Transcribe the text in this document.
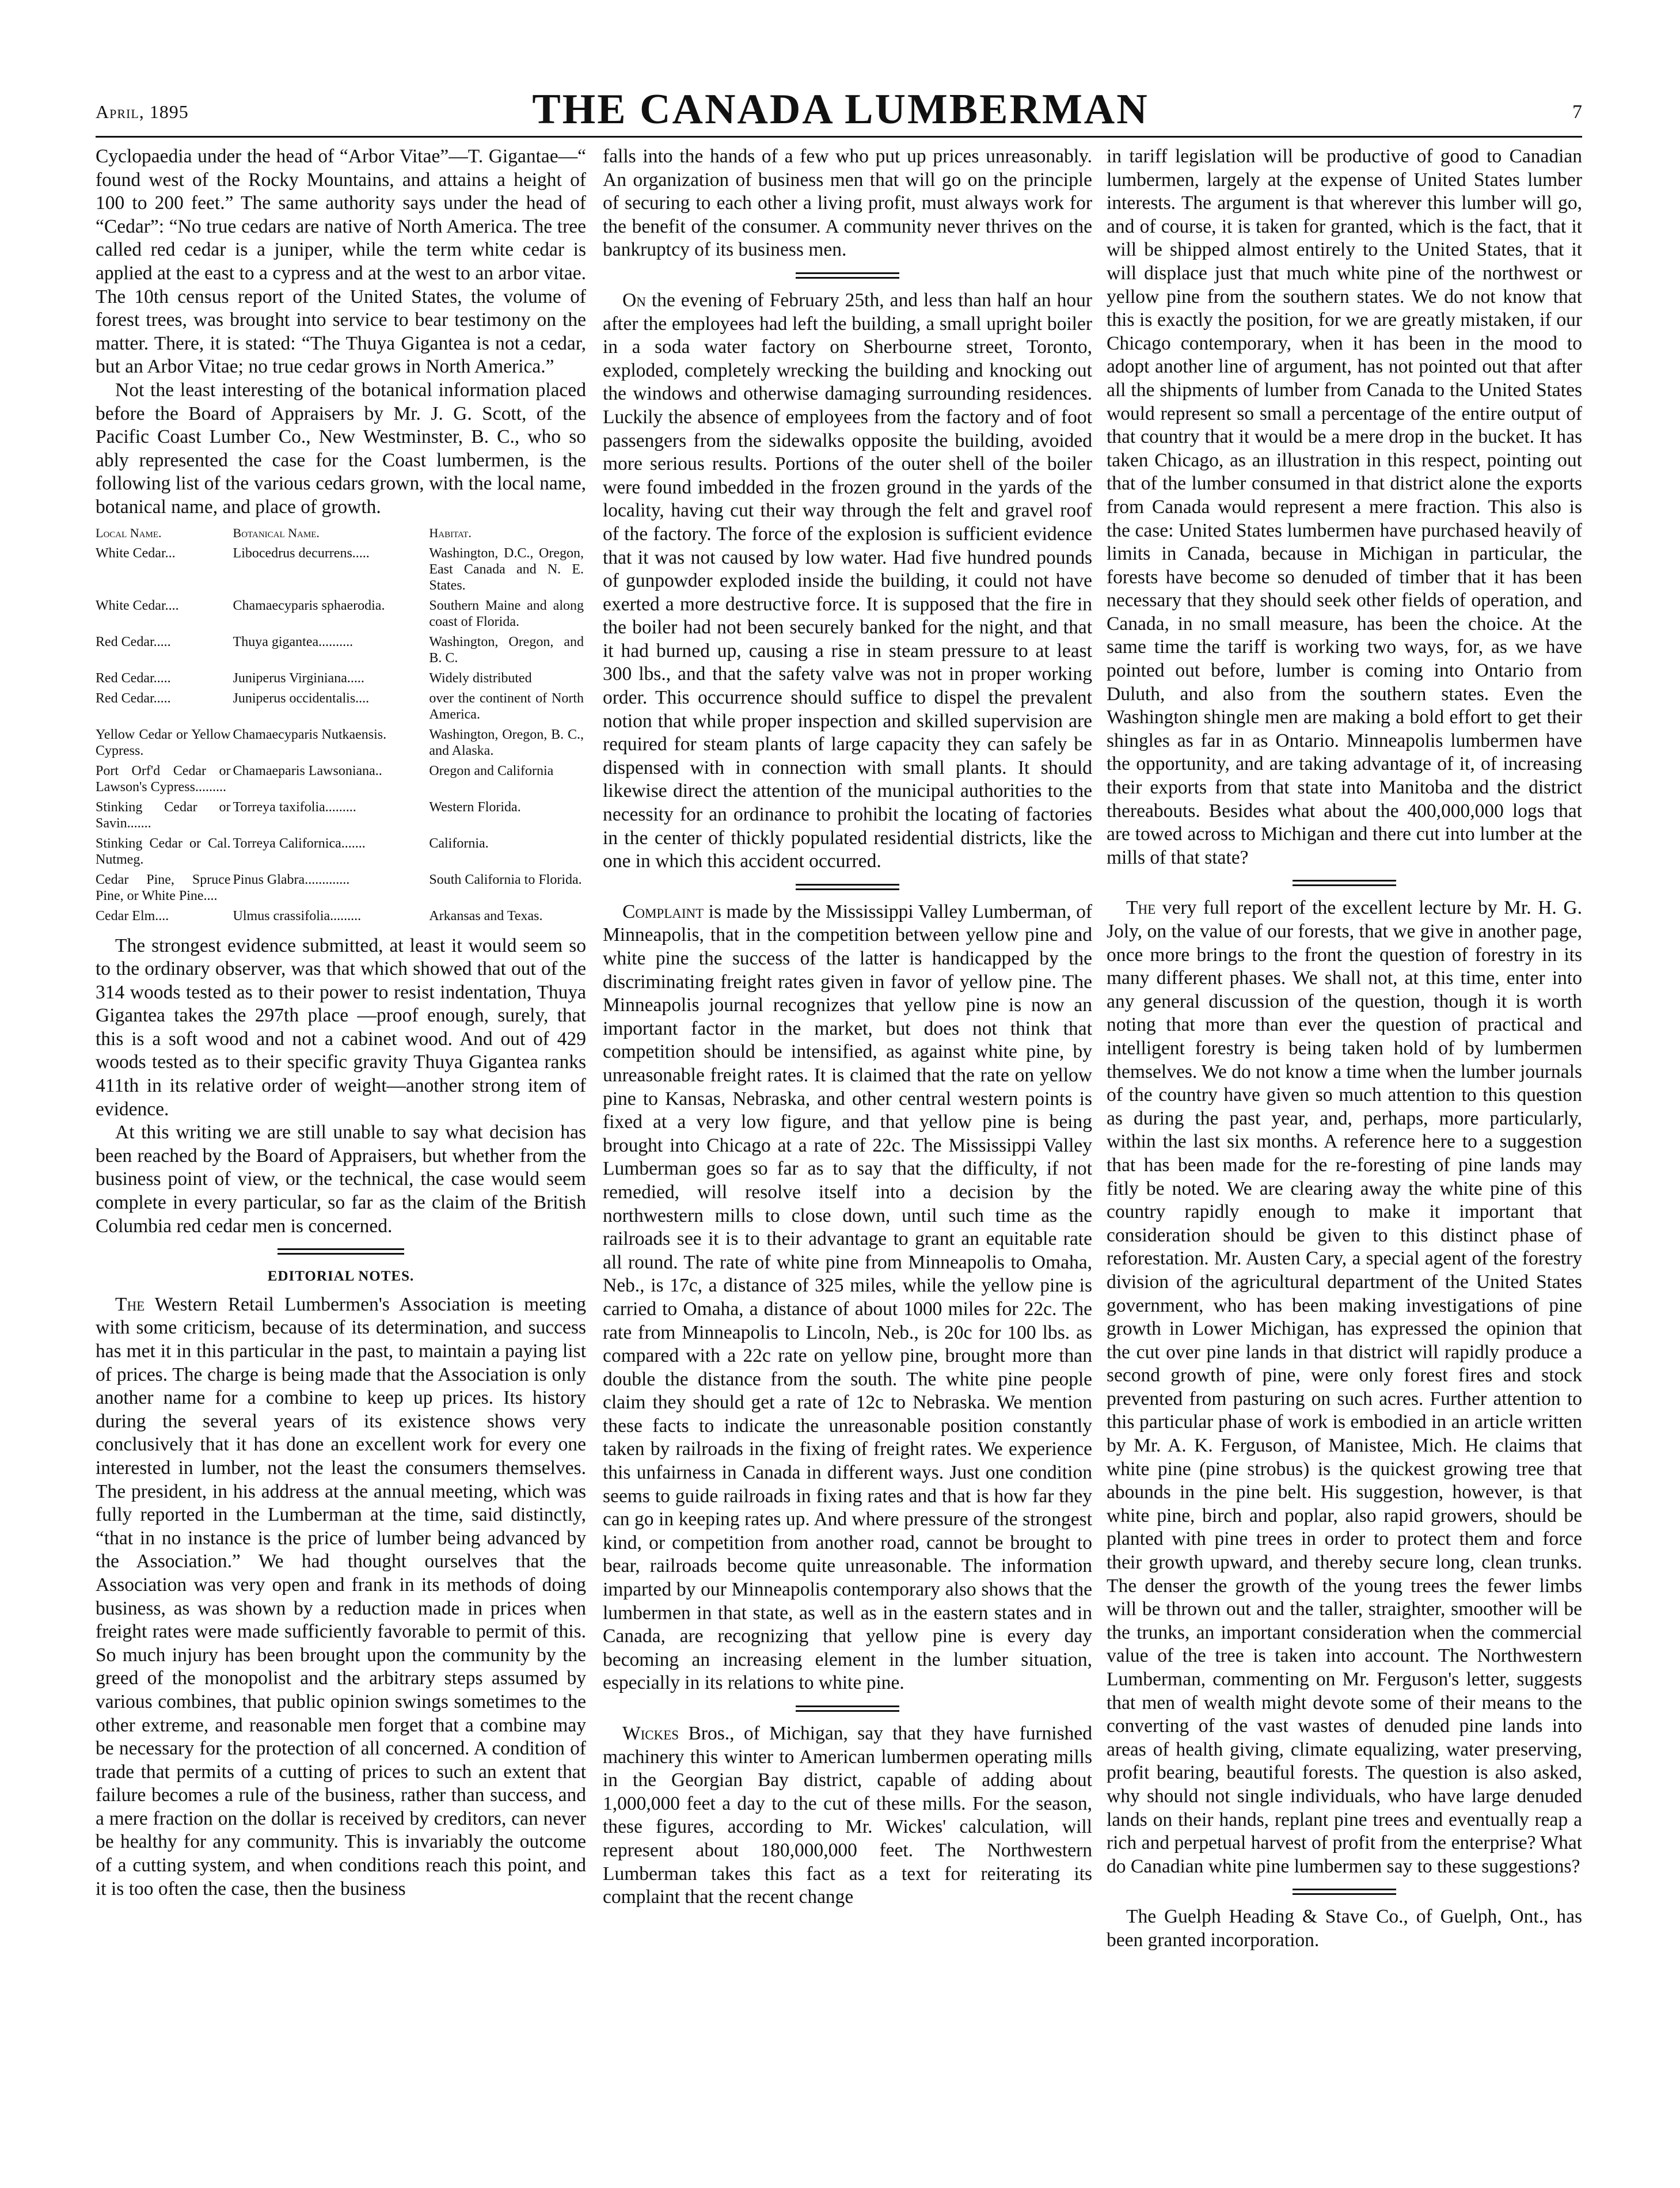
April, 1895	THE CANADA LUMBERMAN	7

Cyclopaedia under the head of “Arbor Vitae”—T. Gigantae—“ found west of the Rocky Mountains, and attains a height of 100 to 200 feet.” The same authority says under the head of “Cedar”: “No true cedars are native of North America. The tree called red cedar is a juniper, while the term white cedar is applied at the east to a cypress and at the west to an arbor vitae. The 10th census report of the United States, the volume of forest trees, was brought into service to bear testimony on the matter. There, it is stated: “The Thuya Gigantea is not a cedar, but an Arbor Vitae; no true cedar grows in North America.”

Not the least interesting of the botanical information placed before the Board of Appraisers by Mr. J. G. Scott, of the Pacific Coast Lumber Co., New Westminster, B. C., who so ably represented the case for the Coast lumbermen, is the following list of the various cedars grown, with the local name, botanical name, and place of growth.

Local Name.	Botanical Name.	Habitat.
White Cedar...	Libocedrus decurrens.....	Washington, D.C., Oregon, East Canada and N. E. States.
White Cedar....	Chamaecyparis sphaerodia.	Southern Maine and along coast of Florida.
Red Cedar.....	Thuya gigantea..........	Washington, Oregon, and B. C.
Red Cedar.....	Juniperus Virginiana.....	Widely distributed
Red Cedar.....	Juniperus occidentalis....	over the continent of North America.
Yellow Cedar or Yellow Cypress.	Chamaecyparis Nutkaensis.	Washington, Oregon, B. C., and Alaska.
Port Orf'd Cedar or Lawson's Cypress.........	Chamaeparis Lawsoniana..	Oregon and California
Stinking Cedar or Savin.......	Torreya taxifolia.........	Western Florida.
Stinking Cedar or Cal. Nutmeg.	Torreya Californica.......	California.
Cedar Pine, Spruce Pine, or White Pine....	Pinus Glabra.............	South California to Florida.
Cedar Elm....	Ulmus crassifolia.........	Arkansas and Texas.

The strongest evidence submitted, at least it would seem so to the ordinary observer, was that which showed that out of the 314 woods tested as to their power to resist indentation, Thuya Gigantea takes the 297th place —proof enough, surely, that this is a soft wood and not a cabinet wood. And out of 429 woods tested as to their specific gravity Thuya Gigantea ranks 411th in its relative order of weight—another strong item of evidence.

At this writing we are still unable to say what decision has been reached by the Board of Appraisers, but whether from the business point of view, or the technical, the case would seem complete in every particular, so far as the claim of the British Columbia red cedar men is concerned.

EDITORIAL NOTES.

The Western Retail Lumbermen's Association is meeting with some criticism, because of its determination, and success has met it in this particular in the past, to maintain a paying list of prices. The charge is being made that the Association is only another name for a combine to keep up prices. Its history during the several years of its existence shows very conclusively that it has done an excellent work for every one interested in lumber, not the least the consumers themselves. The president, in his address at the annual meeting, which was fully reported in the Lumberman at the time, said distinctly, “that in no instance is the price of lumber being advanced by the Association.” We had thought ourselves that the Association was very open and frank in its methods of doing business, as was shown by a reduction made in prices when freight rates were made sufficiently favorable to permit of this. So much injury has been brought upon the community by the greed of the monopolist and the arbitrary steps assumed by various combines, that public opinion swings sometimes to the other extreme, and reasonable men forget that a combine may be necessary for the protection of all concerned. A condition of trade that permits of a cutting of prices to such an extent that failure becomes a rule of the business, rather than success, and a mere fraction on the dollar is received by creditors, can never be healthy for any community. This is invariably the outcome of a cutting system, and when conditions reach this point, and it is too often the case, then the business

falls into the hands of a few who put up prices unreasonably. An organization of business men that will go on the principle of securing to each other a living profit, must always work for the benefit of the consumer. A community never thrives on the bankruptcy of its business men.

On the evening of February 25th, and less than half an hour after the employees had left the building, a small upright boiler in a soda water factory on Sherbourne street, Toronto, exploded, completely wrecking the building and knocking out the windows and otherwise damaging surrounding residences. Luckily the absence of employees from the factory and of foot passengers from the sidewalks opposite the building, avoided more serious results. Portions of the outer shell of the boiler were found imbedded in the frozen ground in the yards of the locality, having cut their way through the felt and gravel roof of the factory. The force of the explosion is sufficient evidence that it was not caused by low water. Had five hundred pounds of gunpowder exploded inside the building, it could not have exerted a more destructive force. It is supposed that the fire in the boiler had not been securely banked for the night, and that it had burned up, causing a rise in steam pressure to at least 300 lbs., and that the safety valve was not in proper working order. This occurrence should suffice to dispel the prevalent notion that while proper inspection and skilled supervision are required for steam plants of large capacity they can safely be dispensed with in connection with small plants. It should likewise direct the attention of the municipal authorities to the necessity for an ordinance to prohibit the locating of factories in the center of thickly populated residential districts, like the one in which this accident occurred.

Complaint is made by the Mississippi Valley Lumberman, of Minneapolis, that in the competition between yellow pine and white pine the success of the latter is handicapped by the discriminating freight rates given in favor of yellow pine. The Minneapolis journal recognizes that yellow pine is now an important factor in the market, but does not think that competition should be intensified, as against white pine, by unreasonable freight rates. It is claimed that the rate on yellow pine to Kansas, Nebraska, and other central western points is fixed at a very low figure, and that yellow pine is being brought into Chicago at a rate of 22c. The Mississippi Valley Lumberman goes so far as to say that the difficulty, if not remedied, will resolve itself into a decision by the northwestern mills to close down, until such time as the railroads see it is to their advantage to grant an equitable rate all round. The rate of white pine from Minneapolis to Omaha, Neb., is 17c, a distance of 325 miles, while the yellow pine is carried to Omaha, a distance of about 1000 miles for 22c. The rate from Minneapolis to Lincoln, Neb., is 20c for 100 lbs. as compared with a 22c rate on yellow pine, brought more than double the distance from the south. The white pine people claim they should get a rate of 12c to Nebraska. We mention these facts to indicate the unreasonable position constantly taken by railroads in the fixing of freight rates. We experience this unfairness in Canada in different ways. Just one condition seems to guide railroads in fixing rates and that is how far they can go in keeping rates up. And where pressure of the strongest kind, or competition from another road, cannot be brought to bear, railroads become quite unreasonable. The information imparted by our Minneapolis contemporary also shows that the lumbermen in that state, as well as in the eastern states and in Canada, are recognizing that yellow pine is every day becoming an increasing element in the lumber situation, especially in its relations to white pine.

Wickes Bros., of Michigan, say that they have furnished machinery this winter to American lumbermen operating mills in the Georgian Bay district, capable of adding about 1,000,000 feet a day to the cut of these mills. For the season, these figures, according to Mr. Wickes' calculation, will represent about 180,000,000 feet. The Northwestern Lumberman takes this fact as a text for reiterating its complaint that the recent change

in tariff legislation will be productive of good to Canadian lumbermen, largely at the expense of United States lumber interests. The argument is that wherever this lumber will go, and of course, it is taken for granted, which is the fact, that it will be shipped almost entirely to the United States, that it will displace just that much white pine of the northwest or yellow pine from the southern states. We do not know that this is exactly the position, for we are greatly mistaken, if our Chicago contemporary, when it has been in the mood to adopt another line of argument, has not pointed out that after all the shipments of lumber from Canada to the United States would represent so small a percentage of the entire output of that country that it would be a mere drop in the bucket. It has taken Chicago, as an illustration in this respect, pointing out that of the lumber consumed in that district alone the exports from Canada would represent a mere fraction. This also is the case: United States lumbermen have purchased heavily of limits in Canada, because in Michigan in particular, the forests have become so denuded of timber that it has been necessary that they should seek other fields of operation, and Canada, in no small measure, has been the choice. At the same time the tariff is working two ways, for, as we have pointed out before, lumber is coming into Ontario from Duluth, and also from the southern states. Even the Washington shingle men are making a bold effort to get their shingles as far in as Ontario. Minneapolis lumbermen have the opportunity, and are taking advantage of it, of increasing their exports from that state into Manitoba and the district thereabouts. Besides what about the 400,000,000 logs that are towed across to Michigan and there cut into lumber at the mills of that state?

The very full report of the excellent lecture by Mr. H. G. Joly, on the value of our forests, that we give in another page, once more brings to the front the question of forestry in its many different phases. We shall not, at this time, enter into any general discussion of the question, though it is worth noting that more than ever the question of practical and intelligent forestry is being taken hold of by lumbermen themselves. We do not know a time when the lumber journals of the country have given so much attention to this question as during the past year, and, perhaps, more particularly, within the last six months. A reference here to a suggestion that has been made for the re-foresting of pine lands may fitly be noted. We are clearing away the white pine of this country rapidly enough to make it important that consideration should be given to this distinct phase of reforestation. Mr. Austen Cary, a special agent of the forestry division of the agricultural department of the United States government, who has been making investigations of pine growth in Lower Michigan, has expressed the opinion that the cut over pine lands in that district will rapidly produce a second growth of pine, were only forest fires and stock prevented from pasturing on such acres. Further attention to this particular phase of work is embodied in an article written by Mr. A. K. Ferguson, of Manistee, Mich. He claims that white pine (pine strobus) is the quickest growing tree that abounds in the pine belt. His suggestion, however, is that white pine, birch and poplar, also rapid growers, should be planted with pine trees in order to protect them and force their growth upward, and thereby secure long, clean trunks. The denser the growth of the young trees the fewer limbs will be thrown out and the taller, straighter, smoother will be the trunks, an important consideration when the commercial value of the tree is taken into account. The Northwestern Lumberman, commenting on Mr. Ferguson's letter, suggests that men of wealth might devote some of their means to the converting of the vast wastes of denuded pine lands into areas of health giving, climate equalizing, water preserving, profit bearing, beautiful forests. The question is also asked, why should not single individuals, who have large denuded lands on their hands, replant pine trees and eventually reap a rich and perpetual harvest of profit from the enterprise? What do Canadian white pine lumbermen say to these suggestions?

The Guelph Heading & Stave Co., of Guelph, Ont., has been granted incorporation.
